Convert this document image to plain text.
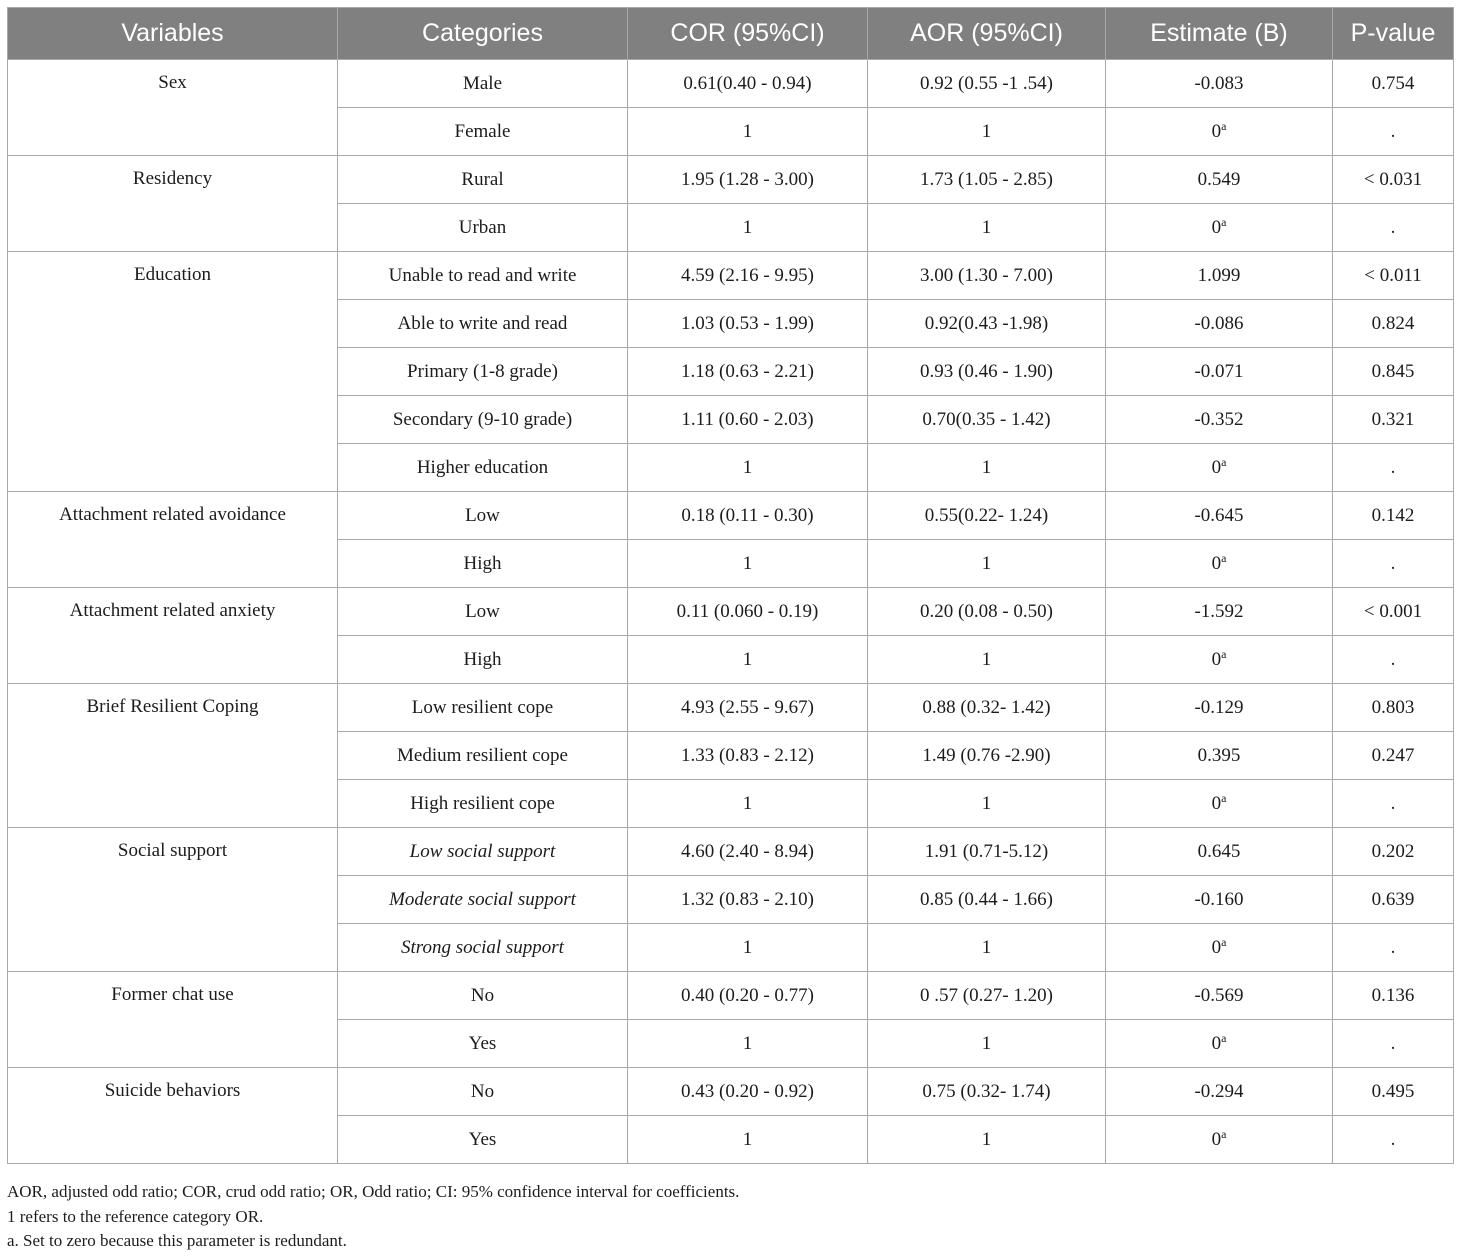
Variables	Categories	COR (95%CI)	AOR (95%CI)	Estimate (B)	P-value
Sex	Male	0.61(0.40 - 0.94)	0.92 (0.55 -1 .54)	-0.083	0.754
	Female	1	1	0$^a$	.
Residency	Rural	1.95 (1.28 - 3.00)	1.73 (1.05 - 2.85)	0.549	< 0.031
	Urban	1	1	0$^a$	.
Education	Unable to read and write	4.59 (2.16 - 9.95)	3.00 (1.30 - 7.00)	1.099	< 0.011
	Able to write and read	1.03 (0.53 - 1.99)	0.92(0.43 -1.98)	-0.086	0.824
	Primary (1-8 grade)	1.18 (0.63 - 2.21)	0.93 (0.46 - 1.90)	-0.071	0.845
	Secondary (9-10 grade)	1.11 (0.60 - 2.03)	0.70(0.35 - 1.42)	-0.352	0.321
	Higher education	1	1	0$^a$	.
Attachment related avoidance	Low	0.18 (0.11 - 0.30)	0.55(0.22- 1.24)	-0.645	0.142
	High	1	1	0$^a$	.
Attachment related anxiety	Low	0.11 (0.060 - 0.19)	0.20 (0.08 - 0.50)	-1.592	< 0.001
	High	1	1	0$^a$	.
Brief Resilient Coping	Low resilient cope	4.93 (2.55 - 9.67)	0.88 (0.32- 1.42)	-0.129	0.803
	Medium resilient cope	1.33 (0.83 - 2.12)	1.49 (0.76 -2.90)	0.395	0.247
	High resilient cope	1	1	0$^a$	.
Social support	Low social support	4.60 (2.40 - 8.94)	1.91 (0.71-5.12)	0.645	0.202
	Moderate social support	1.32 (0.83 - 2.10)	0.85 (0.44 - 1.66)	-0.160	0.639
	Strong social support	1	1	0$^a$	.
Former chat use	No	0.40 (0.20 - 0.77)	0 .57 (0.27- 1.20)	-0.569	0.136
	Yes	1	1	0$^a$	.
Suicide behaviors	No	0.43 (0.20 - 0.92)	0.75 (0.32- 1.74)	-0.294	0.495
	Yes	1	1	0$^a$	.
AOR, adjusted odd ratio; COR, crud odd ratio; OR, Odd ratio; CI: 95% confidence interval for coefficients.
1 refers to the reference category OR.
a. Set to zero because this parameter is redundant.
